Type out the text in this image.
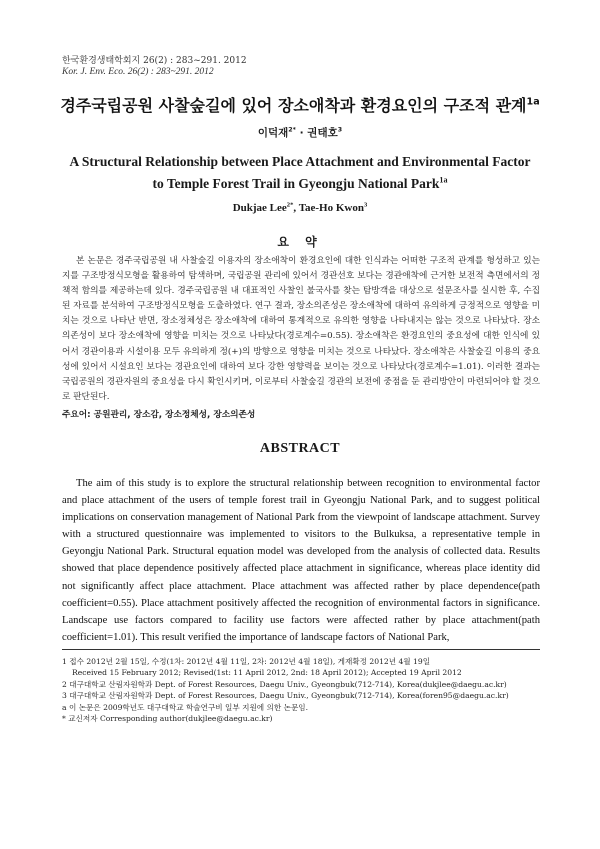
한국환경생태학회지 26(2) : 283~291. 2012
Kor. J. Env. Eco. 26(2) : 283~291. 2012
경주국립공원 사찰숲길에 있어 장소애착과 환경요인의 구조적 관계$^{1a}$
이덕재$^{2*}$ · 권태호$^3$
A Structural Relationship between Place Attachment and Environmental Factor
to Temple Forest Trail in Gyeongju National Park$^{1a}$
Dukjae Lee$^{2*}$, Tae-Ho Kwon$^3$
요 약
본 논문은 경주국립공원 내 사찰숲길 이용자의 장소애착이 환경요인에 대한 인식과는 어떠한 구조적 관계를 형성하고 있는 지를 구조방정식모형을 활용하여 탐색하며, 국립공원 관리에 있어서 경관선호 보다는 경관애착에 근거한 보전적 측면에서의 정책적 함의를 제공하는데 있다. 경주국립공원 내 대표적인 사찰인 불국사를 찾는 탐방객을 대상으로 설문조사를 실시한 후, 수집된 자료를 분석하여 구조방정식모형을 도출하였다. 연구 결과, 장소의존성은 장소애착에 대하여 유의하게 긍정적으로 영향을 미치는 것으로 나타난 반면, 장소정체성은 장소애착에 대하여 통계적으로 유의한 영향을 나타내지는 않는 것으로 나타났다. 장소의존성이 보다 장소애착에 영향을 미치는 것으로 나타났다(경로계수=0.55). 장소애착은 환경요인의 중요성에 대한 인식에 있어서 경관이용과 시설이용 모두 유의하게 정(+)의 방향으로 영향을 미치는 것으로 나타났다. 장소애착은 사찰숲길 이용의 중요성에 있어서 시설요인 보다는 경관요인에 대하여 보다 강한 영향력을 보이는 것으로 나타났다(경로계수=1.01). 이러한 결과는 국립공원의 경관자원의 중요성을 다시 확인시키며, 이로부터 사찰숲길 경관의 보전에 중점을 둔 관리방안이 마련되어야 할 것으로 판단된다.
주요어: 공원관리, 장소감, 장소정체성, 장소의존성
ABSTRACT
The aim of this study is to explore the structural relationship between recognition to environmental factor and place attachment of the users of temple forest trail in Gyeongju National Park, and to suggest political implications on conservation management of National Park from the viewpoint of landscape attachment. Survey with a structured questionnaire was implemented to visitors to the Bulkuksa, a representative temple in Geyongju National Park. Structural equation model was developed from the analysis of collected data. Results showed that place dependence positively affected place attachment in significance, whereas place identity did not significantly affect place attachment. Place attachment was affected rather by place dependence(path coefficient=0.55). Place attachment positively affected the recognition of environmental factors in significance. Landscape use factors compared to facility use factors were affected rather by place attachment(path coefficient=1.01). This result verified the importance of landscape factors of National Park,
1 접수 2012년 2월 15일, 수정(1차: 2012년 4월 11일, 2차: 2012년 4월 18일), 게재확정 2012년 4월 19일
Received 15 February 2012; Revised(1st: 11 April 2012, 2nd: 18 April 2012); Accepted 19 April 2012
2 대구대학교 산림자원학과 Dept. of Forest Resources, Daegu Univ., Gyeongbuk(712-714), Korea(dukjlee@daegu.ac.kr)
3 대구대학교 산림자원학과 Dept. of Forest Resources, Daegu Univ., Gyeongbuk(712-714), Korea(foren95@daegu.ac.kr)
a 이 논문은 2009학년도 대구대학교 학술연구비 일부 지원에 의한 논문임.
* 교신저자 Corresponding author(dukjlee@daegu.ac.kr)
